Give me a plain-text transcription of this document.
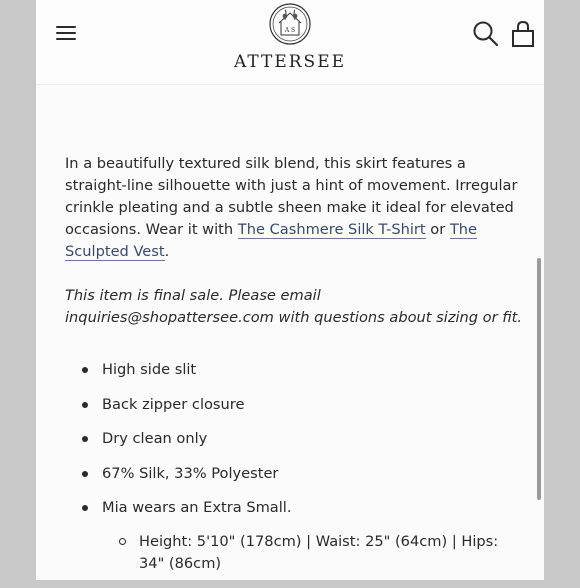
A S
ATTERSEE
In a beautifully textured silk blend, this skirt features a straight-line silhouette with just a hint of movement. Irregular crinkle pleating and a subtle sheen make it ideal for elevated occasions. Wear it with The Cashmere Silk T-Shirt or The Sculpted Vest.
This item is final sale. Please email inquiries@shopattersee.com with questions about sizing or fit.
High side slit
Back zipper closure
Dry clean only
67% Silk, 33% Polyester
Mia wears an Extra Small.
Height: 5'10" (178cm) | Waist: 25" (64cm) | Hips: 34" (86cm)
